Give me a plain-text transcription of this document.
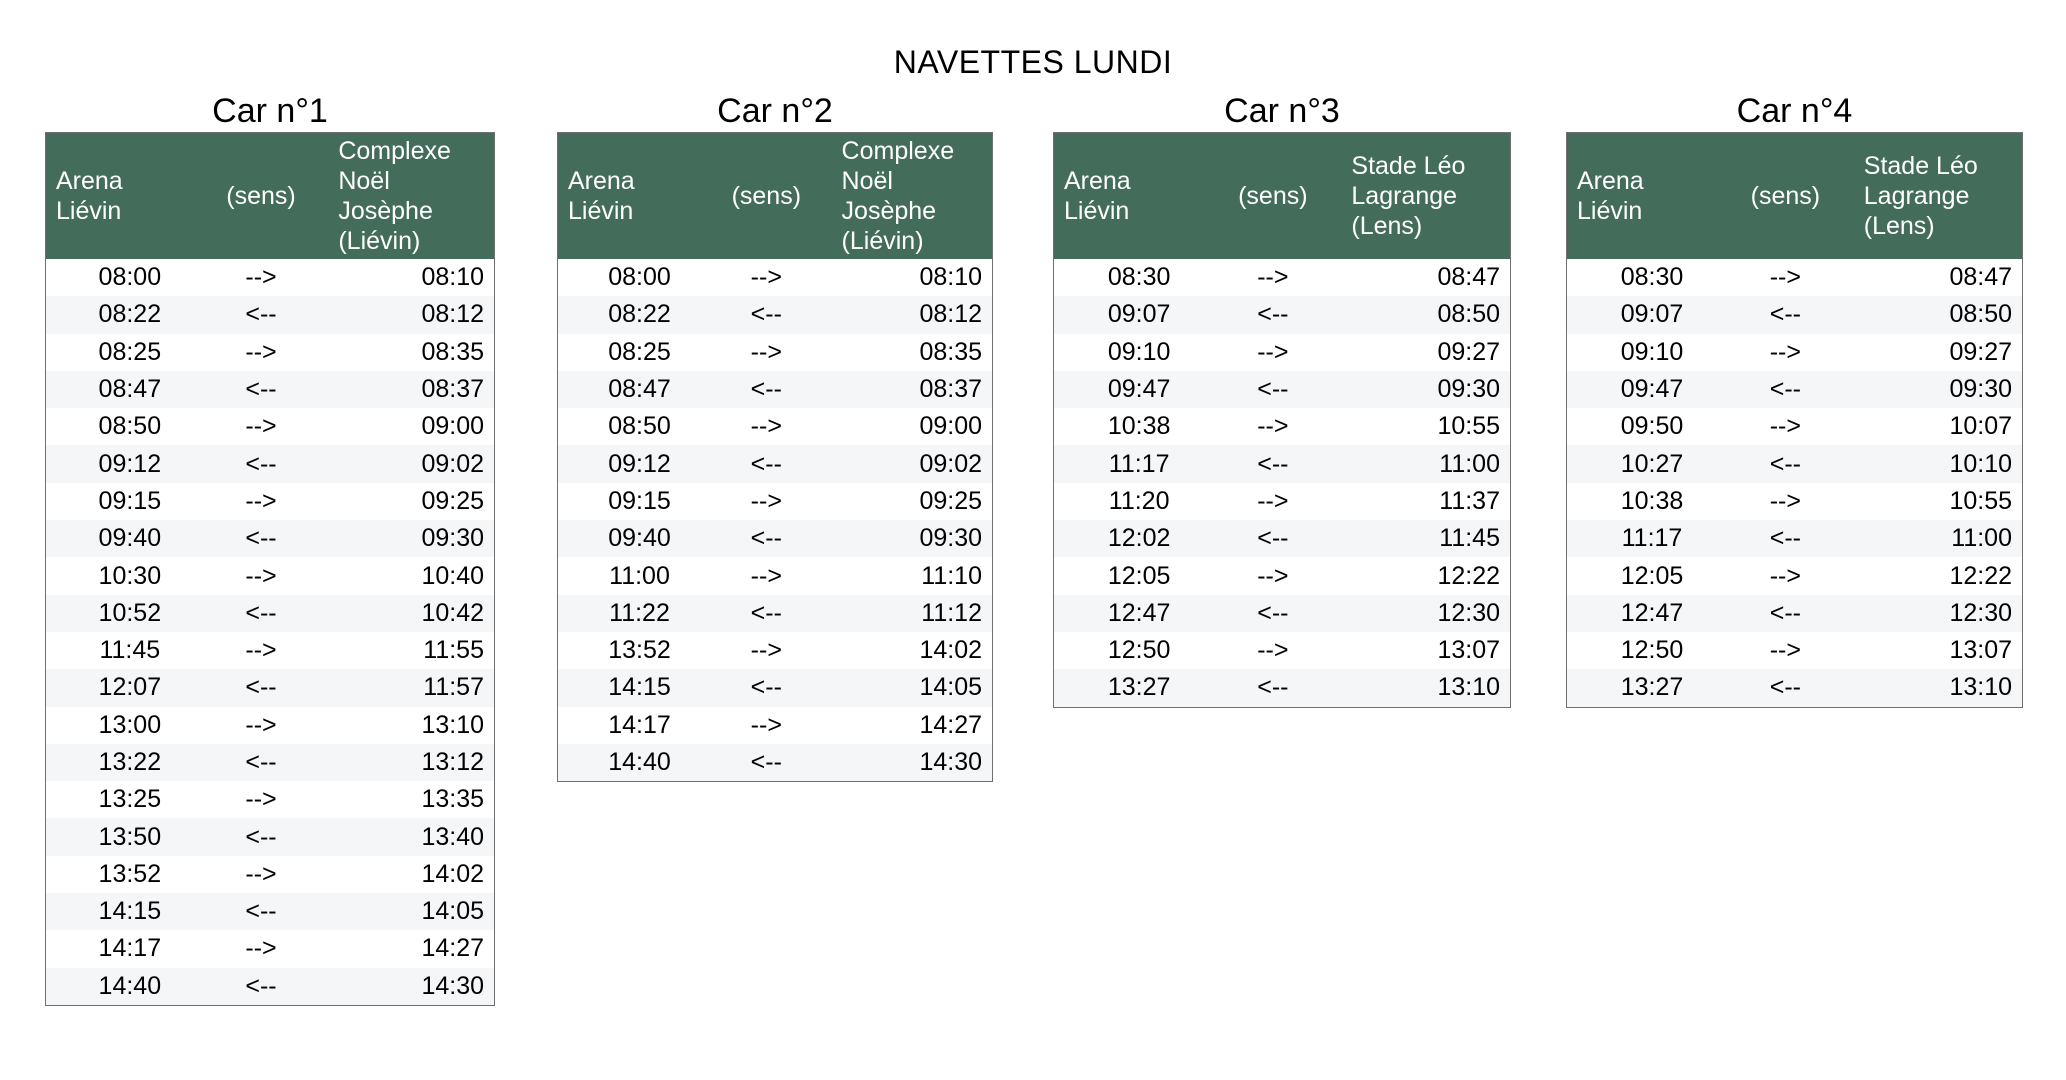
NAVETTES LUNDI
Car n°1
Arena Liévin	(sens)	Complexe Noël Josèphe (Liévin)
08:00	-->	08:10
08:22	<--	08:12
08:25	-->	08:35
08:47	<--	08:37
08:50	-->	09:00
09:12	<--	09:02
09:15	-->	09:25
09:40	<--	09:30
10:30	-->	10:40
10:52	<--	10:42
11:45	-->	11:55
12:07	<--	11:57
13:00	-->	13:10
13:22	<--	13:12
13:25	-->	13:35
13:50	<--	13:40
13:52	-->	14:02
14:15	<--	14:05
14:17	-->	14:27
14:40	<--	14:30
Car n°2
Arena Liévin	(sens)	Complexe Noël Josèphe (Liévin)
08:00	-->	08:10
08:22	<--	08:12
08:25	-->	08:35
08:47	<--	08:37
08:50	-->	09:00
09:12	<--	09:02
09:15	-->	09:25
09:40	<--	09:30
11:00	-->	11:10
11:22	<--	11:12
13:52	-->	14:02
14:15	<--	14:05
14:17	-->	14:27
14:40	<--	14:30
Car n°3
Arena Liévin	(sens)	Stade Léo Lagrange (Lens)
08:30	-->	08:47
09:07	<--	08:50
09:10	-->	09:27
09:47	<--	09:30
10:38	-->	10:55
11:17	<--	11:00
11:20	-->	11:37
12:02	<--	11:45
12:05	-->	12:22
12:47	<--	12:30
12:50	-->	13:07
13:27	<--	13:10
Car n°4
Arena Liévin	(sens)	Stade Léo Lagrange (Lens)
08:30	-->	08:47
09:07	<--	08:50
09:10	-->	09:27
09:47	<--	09:30
09:50	-->	10:07
10:27	<--	10:10
10:38	-->	10:55
11:17	<--	11:00
12:05	-->	12:22
12:47	<--	12:30
12:50	-->	13:07
13:27	<--	13:10
